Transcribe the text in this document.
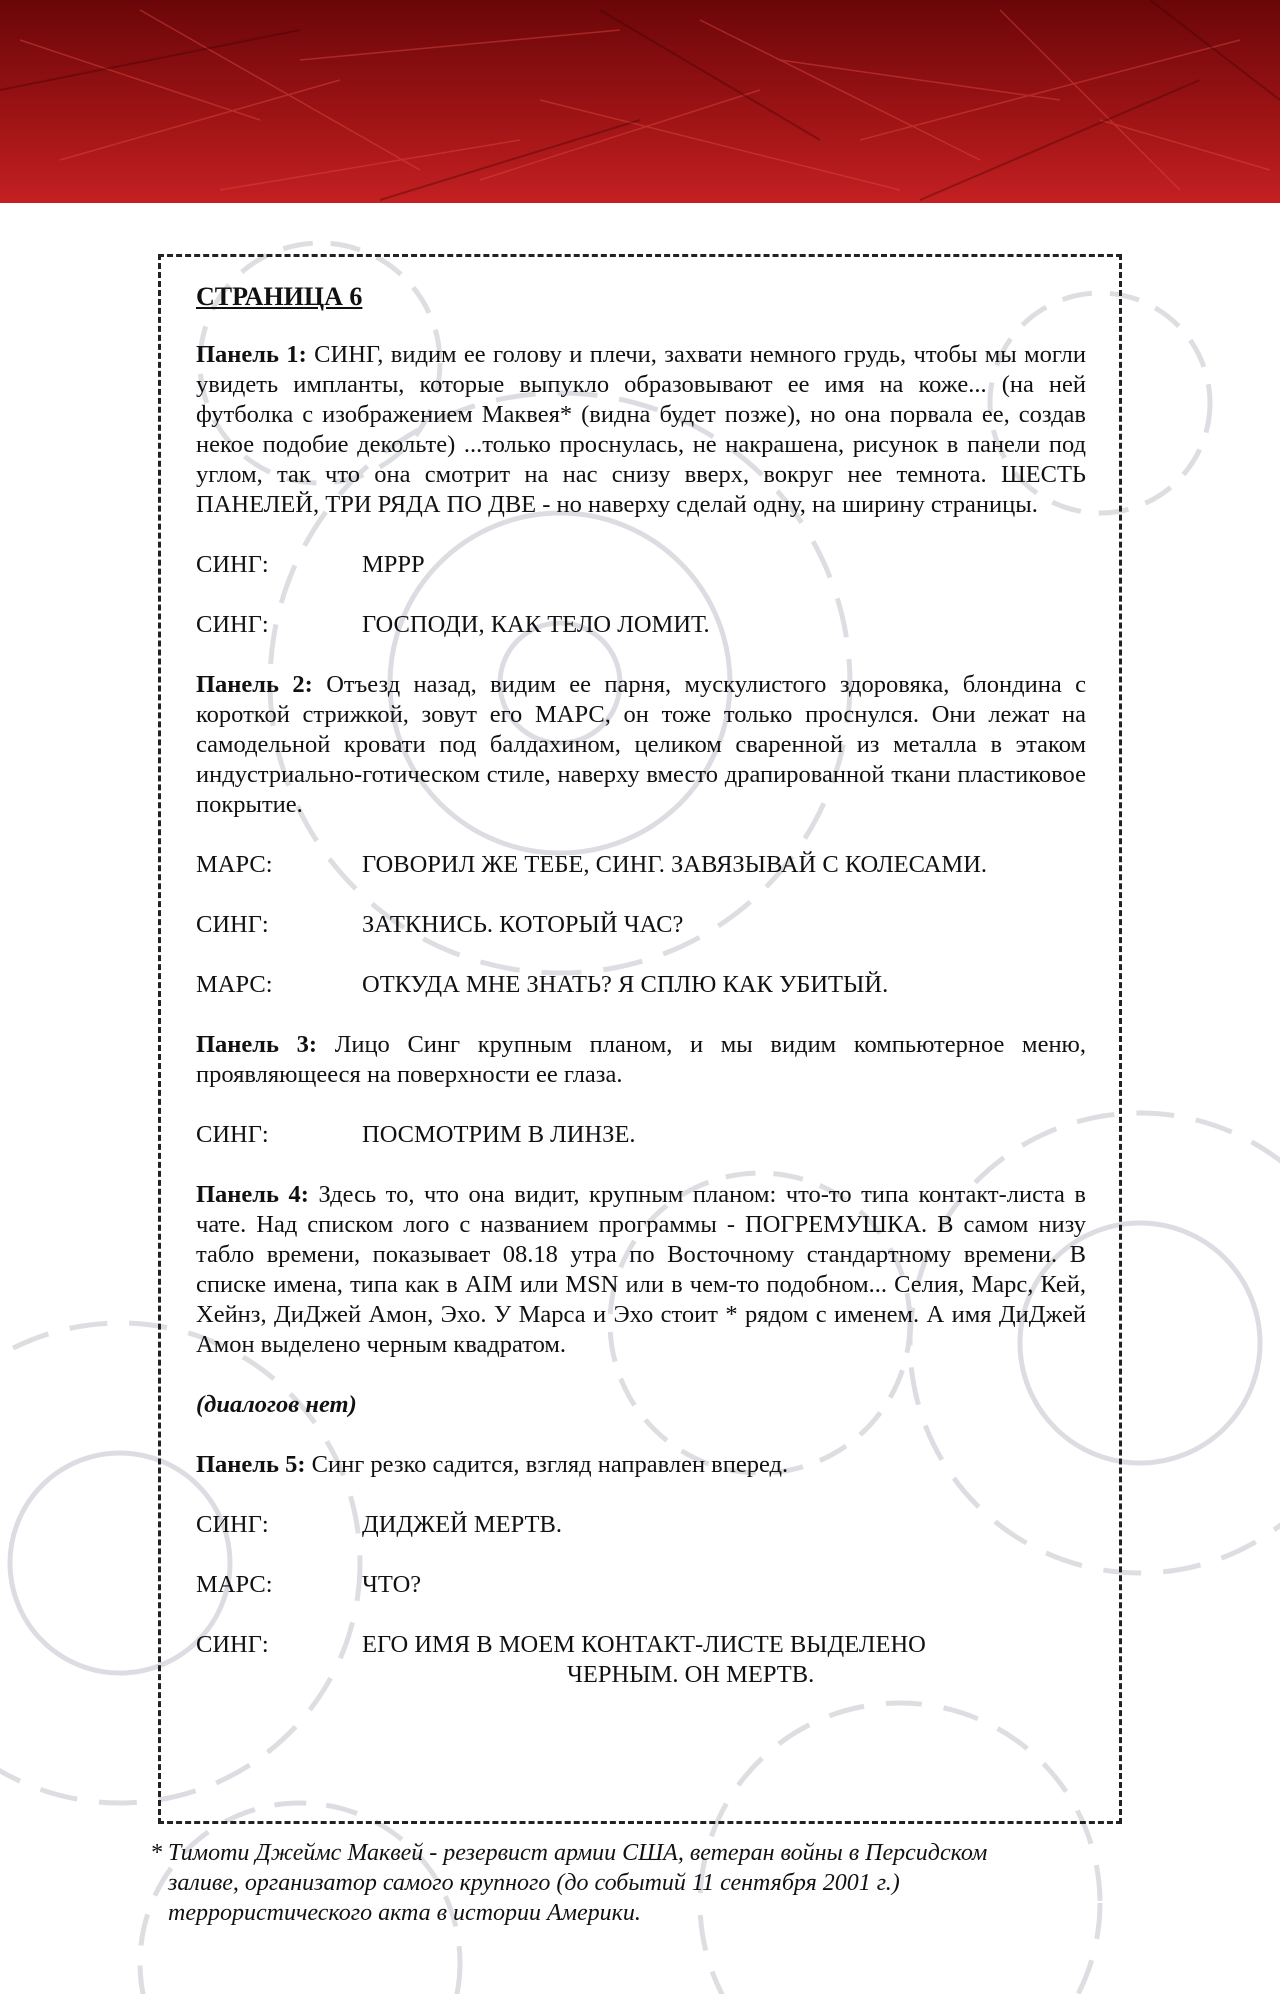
СТРАНИЦА 6

Панель 1: СИНГ, видим ее голову и плечи, захвати немного грудь, чтобы мы могли увидеть импланты, которые выпукло образовывают ее имя на коже... (на ней футболка с изображением Маквея* (видна будет позже), но она порвала ее, создав некое подобие декольте) ...только проснулась, не накрашена, рисунок в панели под углом, так что она смотрит на нас снизу вверх, вокруг нее темнота. ШЕСТЬ ПАНЕЛЕЙ, ТРИ РЯДА ПО ДВЕ - но наверху сделай одну, на ширину страницы.

СИНГ:	МРРР
СИНГ:	ГОСПОДИ, КАК ТЕЛО ЛОМИТ.

Панель 2: Отъезд назад, видим ее парня, мускулистого здоровяка, блондина с короткой стрижкой, зовут его МАРС, он тоже только проснулся. Они лежат на самодельной кровати под балдахином, целиком сваренной из металла в этаком индустриально-готическом стиле, наверху вместо драпированной ткани пластиковое покрытие.

МАРС:	ГОВОРИЛ ЖЕ ТЕБЕ, СИНГ. ЗАВЯЗЫВАЙ С КОЛЕСАМИ.
СИНГ:	ЗАТКНИСЬ. КОТОРЫЙ ЧАС?
МАРС:	ОТКУДА МНЕ ЗНАТЬ? Я СПЛЮ КАК УБИТЫЙ.

Панель 3: Лицо Синг крупным планом, и мы видим компьютерное меню, проявляющееся на поверхности ее глаза.

СИНГ:	ПОСМОТРИМ В ЛИНЗЕ.

Панель 4: Здесь то, что она видит, крупным планом: что-то типа контакт-листа в чате. Над списком лого с названием программы - ПОГРЕМУШКА. В самом низу табло времени, показывает 08.18 утра по Восточному стандартному времени. В списке имена, типа как в AIM или MSN или в чем-то подобном... Селия, Марс, Кей, Хейнз, ДиДжей Амон, Эхо. У Марса и Эхо стоит * рядом с именем. А имя ДиДжей Амон выделено черным квадратом.

(диалогов нет)

Панель 5: Синг резко садится, взгляд направлен вперед.

СИНГ:	ДИДЖЕЙ МЕРТВ.
МАРС:	ЧТО?
СИНГ:	ЕГО ИМЯ В МОЕМ КОНТАКТ-ЛИСТЕ ВЫДЕЛЕНО
ЧЕРНЫМ. ОН МЕРТВ.
* Тимоти Джеймс Маквей - резервист армии США, ветеран войны в Персидском
заливе, организатор самого крупного (до событий 11 сентября 2001 г.)
террористического акта в истории Америки.
